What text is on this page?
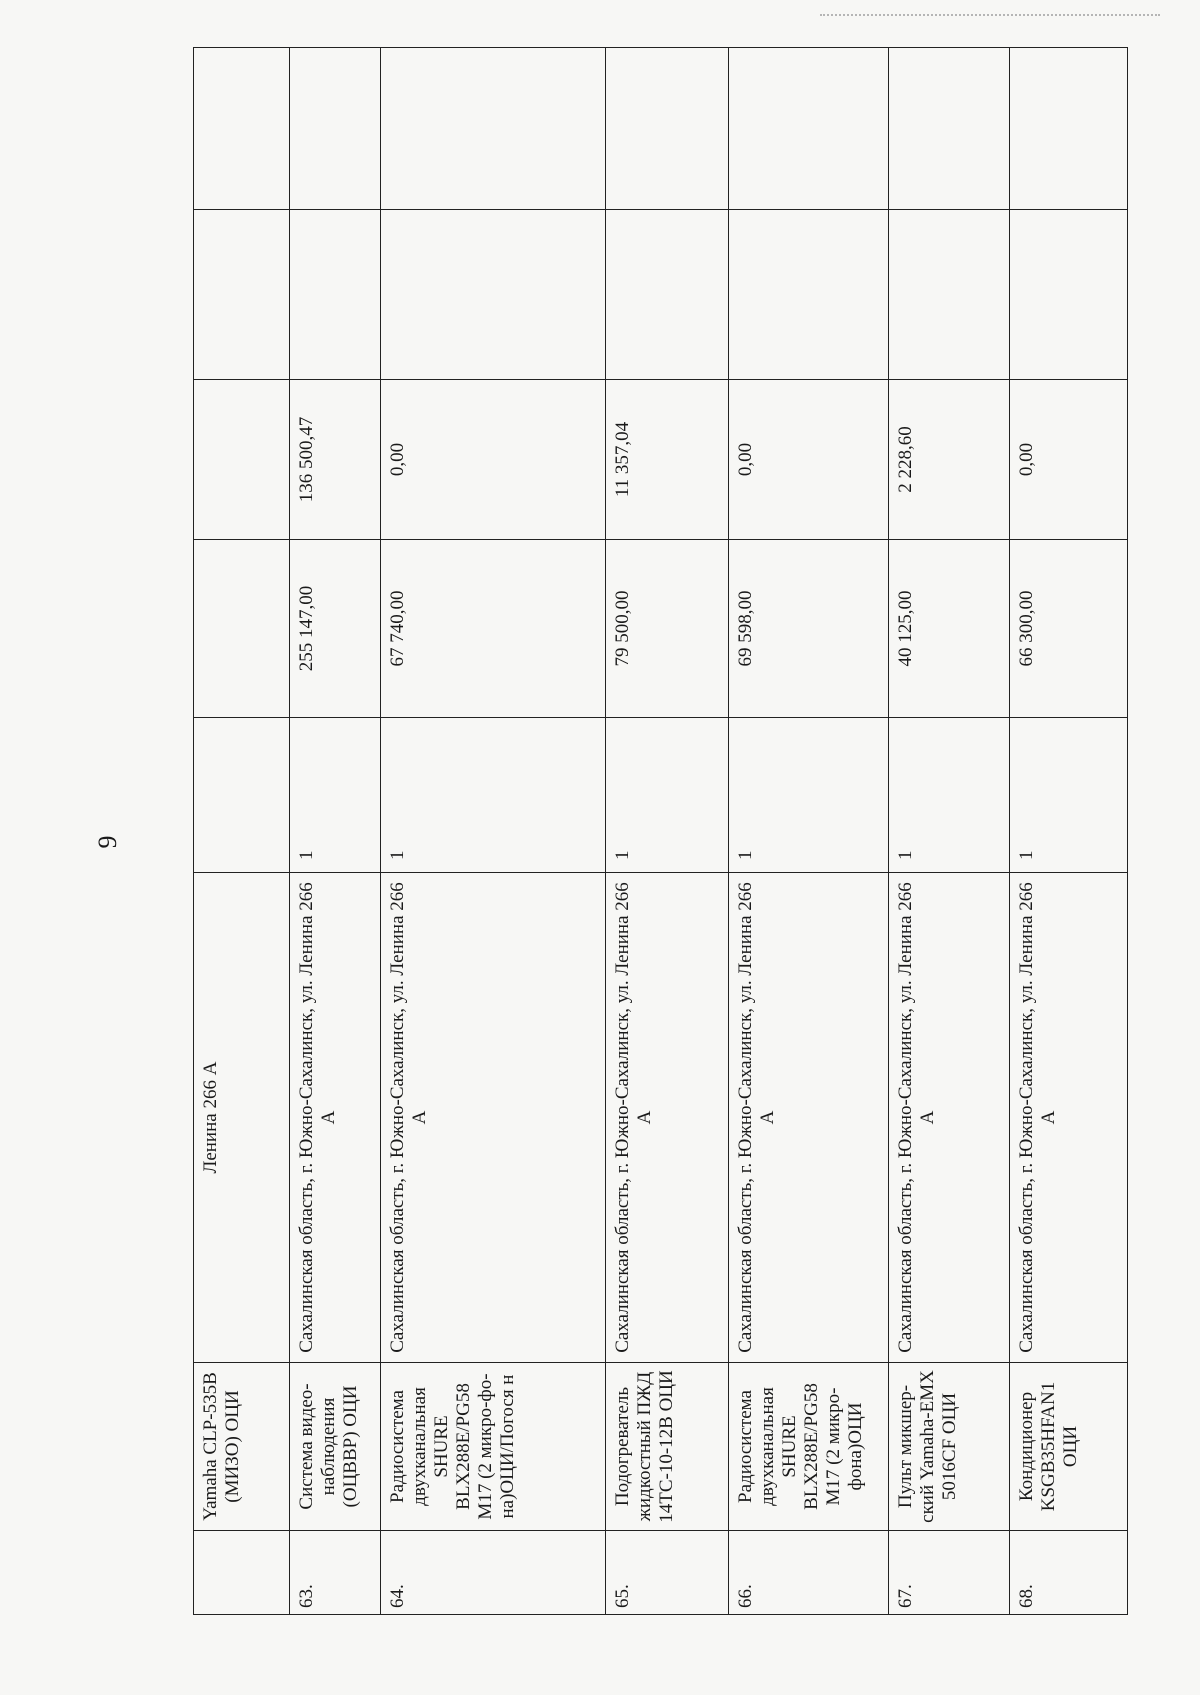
9
	Yamaha CLP-535B (МИЗО) ОЦИ	Ленина 266 А					
63.	Система видео-наблюдения (ОЦВВР) ОЦИ	Сахалинская область, г. Южно-Сахалинск, ул. Ленина 266 А	1	255 147,00	136 500,47		
64.	Радиосистема двухканальная SHURE BLX288E/PG58 M17 (2 микро-фо-на)ОЦИ/Погося н	Сахалинская область, г. Южно-Сахалинск, ул. Ленина 266 А	1	67 740,00	0,00		
65.	Подогреватель жидкостный ПЖД 14ТС-10-12В ОЦИ	Сахалинская область, г. Южно-Сахалинск, ул. Ленина 266 А	1	79 500,00	11 357,04		
66.	Радиосистема двухканальная SHURE BLX288E/PG58 M17 (2 микро-фона)ОЦИ	Сахалинская область, г. Южно-Сахалинск, ул. Ленина 266 А	1	69 598,00	0,00		
67.	Пульт микшер-ский Yamaha-EMX 5016CF ОЦИ	Сахалинская область, г. Южно-Сахалинск, ул. Ленина 266 А	1	40 125,00	2 228,60		
68.	Кондиционер KSGB35HFAN1 ОЦИ	Сахалинская область, г. Южно-Сахалинск, ул. Ленина 266 А	1	66 300,00	0,00		
